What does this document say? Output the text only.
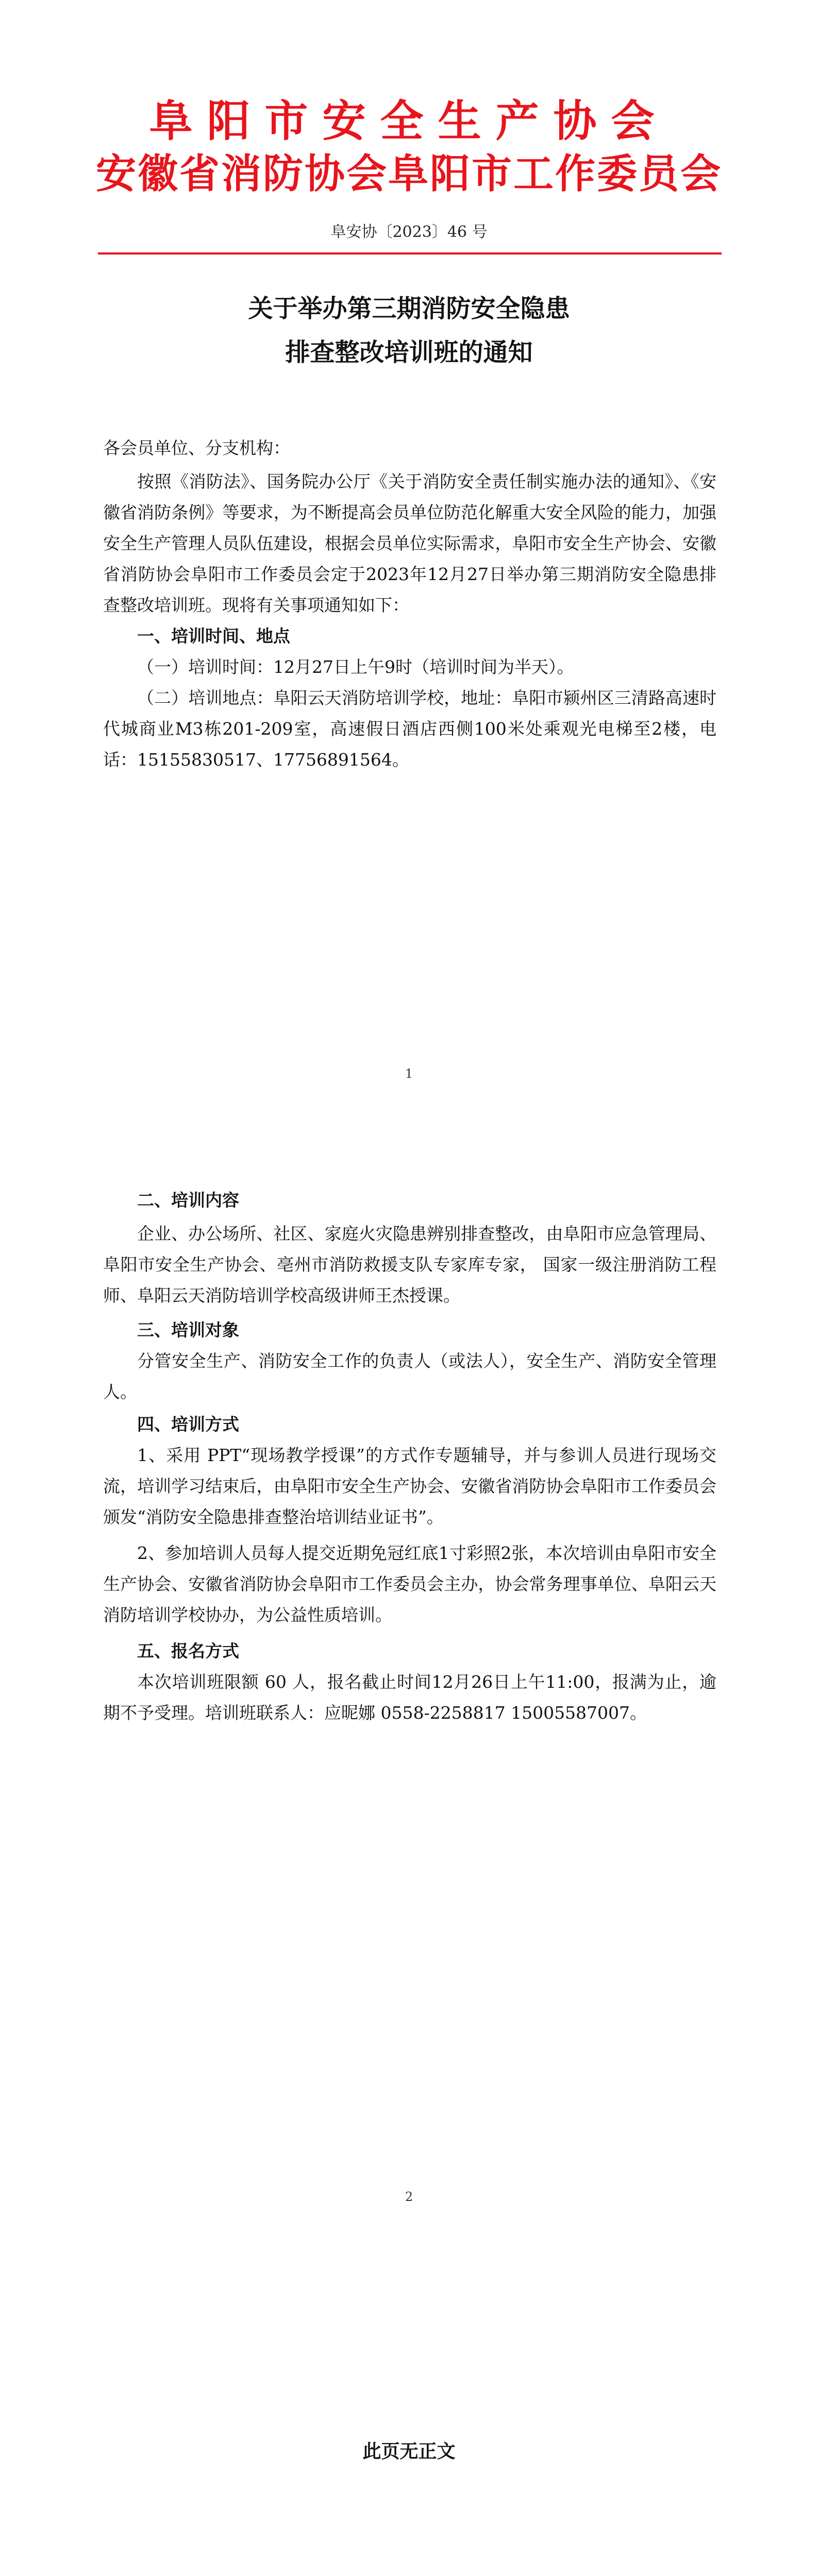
阜阳市安全生产协会
安徽省消防协会阜阳市工作委员会
阜安协〔2023〕46 号
关于举办第三期消防安全隐患
排查整改培训班的通知

各会员单位、分支机构：

按照《消防法》、国务院办公厅《关于消防安全责任制实施办法的通知》、《安徽省消防条例》等要求，为不断提高会员单位防范化解重大安全风险的能力，加强安全生产管理人员队伍建设，根据会员单位实际需求，阜阳市安全生产协会、安徽省消防协会阜阳市工作委员会定于2023年12月27日举办第三期消防安全隐患排查整改培训班。现将有关事项通知如下：

一、培训时间、地点

（一）培训时间：12月27日上午9时（培训时间为半天）。

（二）培训地点：阜阳云天消防培训学校，地址：阜阳市颍州区三清路高速时代城商业M3栋201-209室，高速假日酒店西侧100米处乘观光电梯至2楼，电话：15155830517、17756891564。

1

二、培训内容

企业、办公场所、社区、家庭火灾隐患辨别排查整改，由阜阳市应急管理局、阜阳市安全生产协会、亳州市消防救援支队专家库专家， 国家一级注册消防工程师、阜阳云天消防培训学校高级讲师王杰授课。

三、培训对象

分管安全生产、消防安全工作的负责人（或法人），安全生产、消防安全管理人。

四、培训方式

1、采用 PPT“现场教学授课”的方式作专题辅导，并与参训人员进行现场交流，培训学习结束后，由阜阳市安全生产协会、安徽省消防协会阜阳市工作委员会颁发“消防安全隐患排查整治培训结业证书”。

2、参加培训人员每人提交近期免冠红底1寸彩照2张，本次培训由阜阳市安全生产协会、安徽省消防协会阜阳市工作委员会主办，协会常务理事单位、阜阳云天消防培训学校协办，为公益性质培训。

五、报名方式

本次培训班限额 60 人，报名截止时间12月26日上午11:00，报满为止，逾期不予受理。培训班联系人：应昵娜 0558-2258817 15005587007。

2
此页无正文
